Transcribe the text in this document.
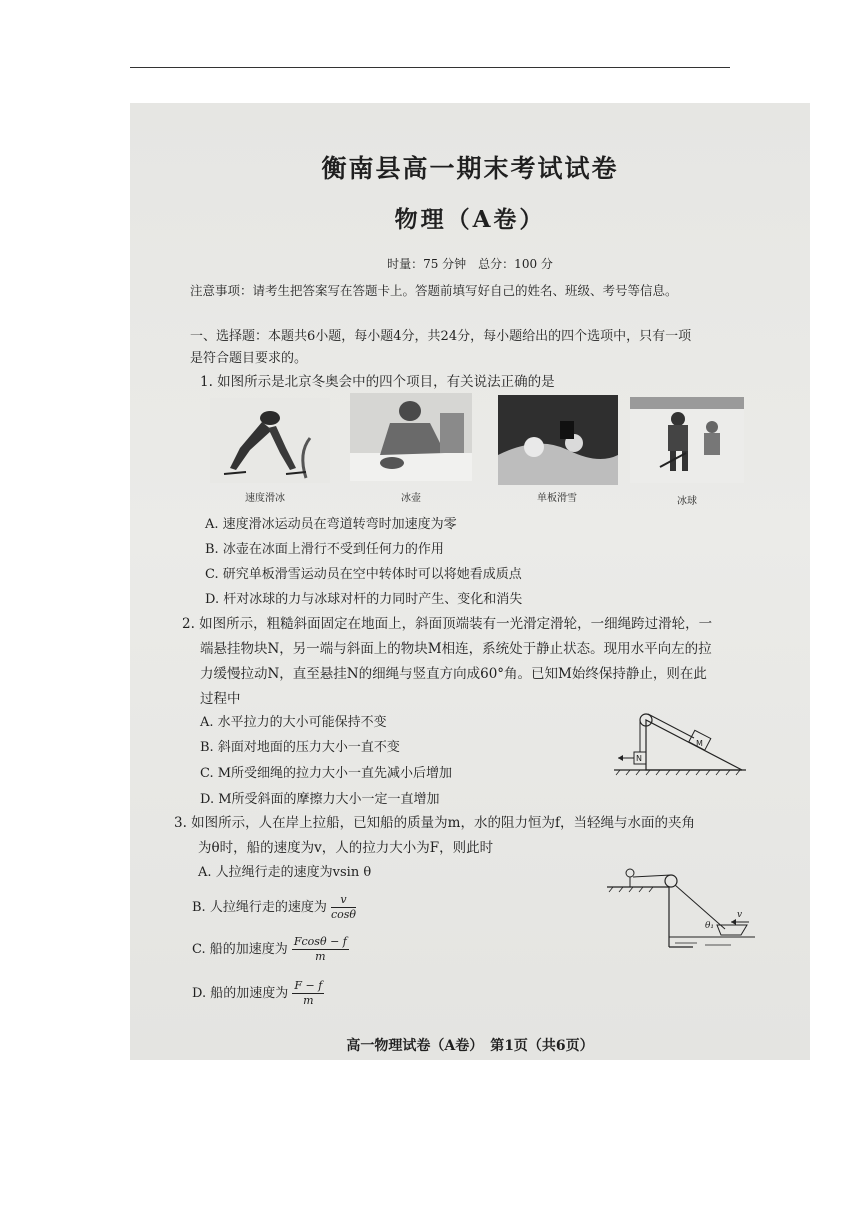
衡南县高一期末考试试卷
物理（A卷）
时量：75 分钟　总分：100 分
注意事项：请考生把答案写在答题卡上。答题前填写好自己的姓名、班级、考号等信息。
一、选择题：本题共6小题，每小题4分，共24分，每小题给出的四个选项中，只有一项
是符合题目要求的。
1. 如图所示是北京冬奥会中的四个项目，有关说法正确的是
速度滑冰	冰壶	单板滑雪	冰球
A. 速度滑冰运动员在弯道转弯时加速度为零
B. 冰壶在冰面上滑行不受到任何力的作用
C. 研究单板滑雪运动员在空中转体时可以将她看成质点
D. 杆对冰球的力与冰球对杆的力同时产生、变化和消失
2. 如图所示，粗糙斜面固定在地面上，斜面顶端装有一光滑定滑轮，一细绳跨过滑轮，一
端悬挂物块N，另一端与斜面上的物块M相连，系统处于静止状态。现用水平向左的拉
力缓慢拉动N，直至悬挂N的细绳与竖直方向成60°角。已知M始终保持静止，则在此
过程中
A. 水平拉力的大小可能保持不变
B. 斜面对地面的压力大小一直不变
C. M所受细绳的拉力大小一直先减小后增加
D. M所受斜面的摩擦力大小一定一直增加
M
N
3. 如图所示，人在岸上拉船，已知船的质量为m，水的阻力恒为f，当轻绳与水面的夹角
为θ时，船的速度为v，人的拉力大小为F，则此时
A. 人拉绳行走的速度为vsin θ
B. 人拉绳行走的速度为 $\frac{v}{\cos\theta}$
C. 船的加速度为 $\frac{Fcos\theta - f}{m}$
D. 船的加速度为 $\frac{F - f}{m}$
θ₁
v
高一物理试卷（A卷）　第1页（共6页）
